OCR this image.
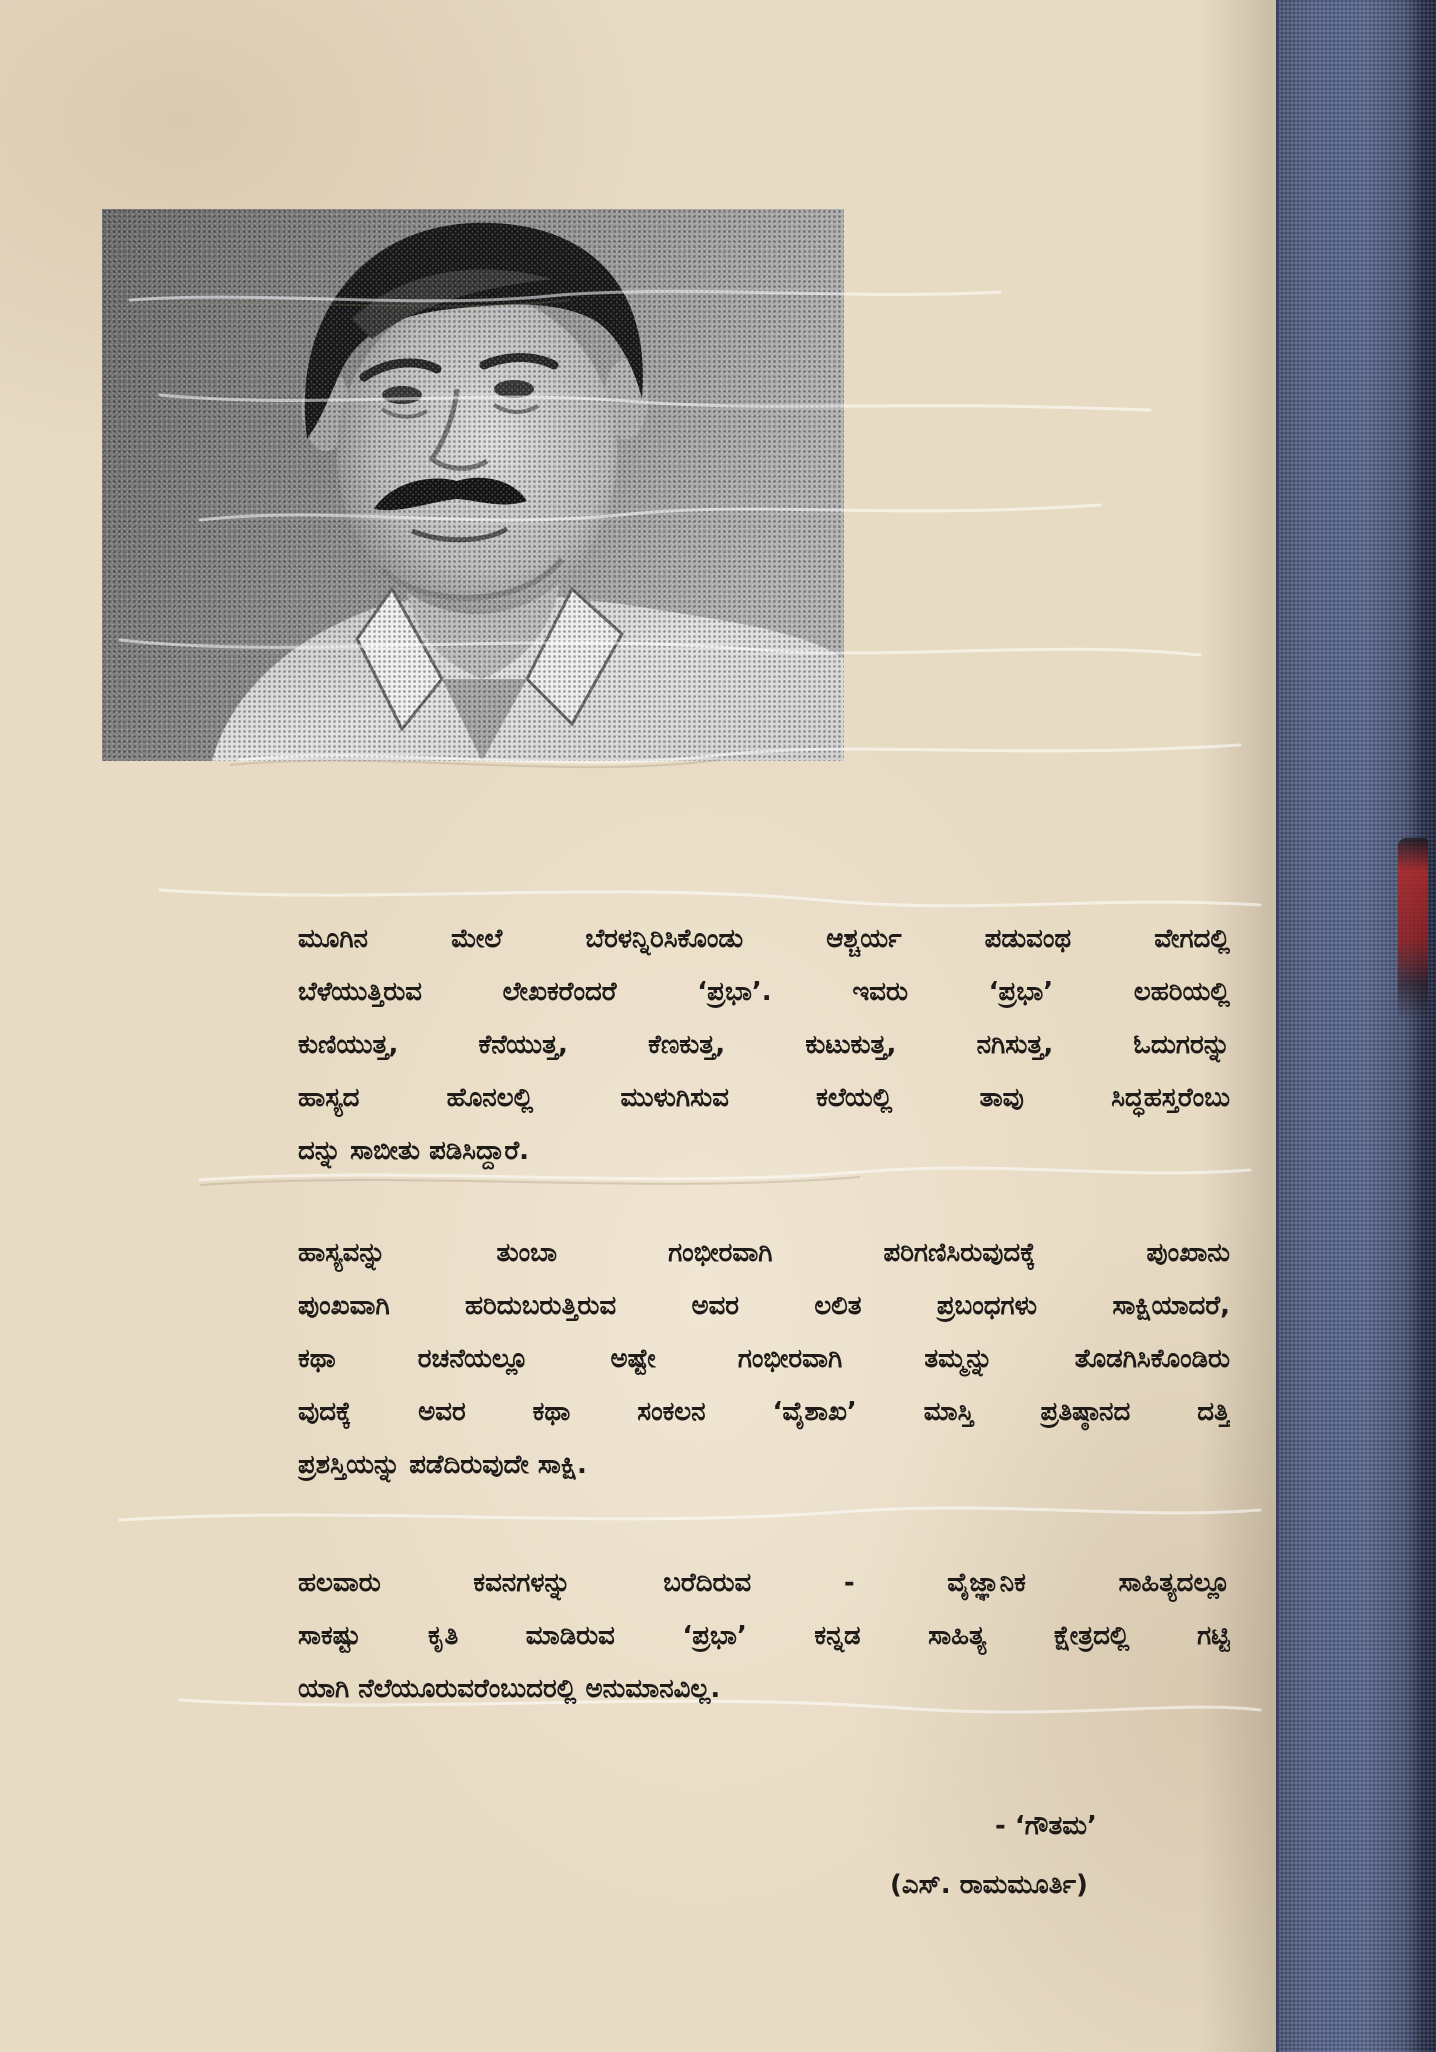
ಮೂಗಿನ ಮೇಲೆ ಬೆರಳನ್ನಿರಿಸಿಕೊಂಡು ಆಶ್ಚರ್ಯ ಪಡುವಂಥ ವೇಗದಲ್ಲಿ
ಬೆಳೆಯುತ್ತಿರುವ ಲೇಖಕರೆಂದರೆ ‘ಪ್ರಭಾ’. ಇವರು ‘ಪ್ರಭಾ’ ಲಹರಿಯಲ್ಲಿ
ಕುಣಿಯುತ್ತ, ಕೆನೆಯುತ್ತ, ಕೆಣಕುತ್ತ, ಕುಟುಕುತ್ತ, ನಗಿಸುತ್ತ, ಓದುಗರನ್ನು
ಹಾಸ್ಯದ ಹೊನಲಲ್ಲಿ ಮುಳುಗಿಸುವ ಕಲೆಯಲ್ಲಿ ತಾವು ಸಿದ್ಧಹಸ್ತರೆಂಬು
ದನ್ನು ಸಾಬೀತು ಪಡಿಸಿದ್ದಾರೆ.
ಹಾಸ್ಯವನ್ನು ತುಂಬಾ ಗಂಭೀರವಾಗಿ ಪರಿಗಣಿಸಿರುವುದಕ್ಕೆ ಪುಂಖಾನು
ಪುಂಖವಾಗಿ ಹರಿದುಬರುತ್ತಿರುವ ಅವರ ಲಲಿತ ಪ್ರಬಂಧಗಳು ಸಾಕ್ಷಿಯಾದರೆ,
ಕಥಾ ರಚನೆಯಲ್ಲೂ ಅಷ್ಟೇ ಗಂಭೀರವಾಗಿ ತಮ್ಮನ್ನು ತೊಡಗಿಸಿಕೊಂಡಿರು
ವುದಕ್ಕೆ ಅವರ ಕಥಾ ಸಂಕಲನ ‘ವೈಶಾಖ’ ಮಾಸ್ತಿ ಪ್ರತಿಷ್ಠಾನದ ದತ್ತಿ
ಪ್ರಶಸ್ತಿಯನ್ನು ಪಡೆದಿರುವುದೇ ಸಾಕ್ಷಿ.
ಹಲವಾರು ಕವನಗಳನ್ನು ಬರೆದಿರುವ - ವೈಜ್ಞಾನಿಕ ಸಾಹಿತ್ಯದಲ್ಲೂ
ಸಾಕಷ್ಟು ಕೃತಿ ಮಾಡಿರುವ ‘ಪ್ರಭಾ’ ಕನ್ನಡ ಸಾಹಿತ್ಯ ಕ್ಷೇತ್ರದಲ್ಲಿ ಗಟ್ಟಿ
ಯಾಗಿ ನೆಲೆಯೂರುವರೆಂಬುದರಲ್ಲಿ ಅನುಮಾನವಿಲ್ಲ.
- ‘ಗೌತಮ’
(ಎಸ್. ರಾಮಮೂರ್ತಿ)
